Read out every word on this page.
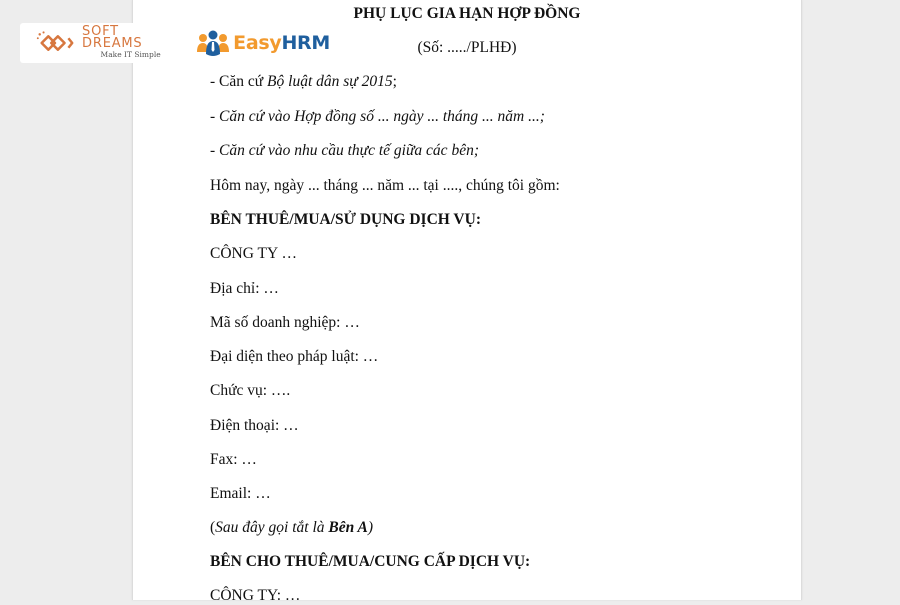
SOFT DREAMS
Make IT Simple
EasyHRM
PHỤ LỤC GIA HẠN HỢP ĐỒNG
(Số: ...../PLHĐ)
- Căn cứ Bộ luật dân sự 2015;
- Căn cứ vào Hợp đồng số ... ngày ... tháng ... năm ...;
- Căn cứ vào nhu cầu thực tế giữa các bên;
Hôm nay, ngày ... tháng ... năm ... tại ...., chúng tôi gồm:
BÊN THUÊ/MUA/SỬ DỤNG DỊCH VỤ:
CÔNG TY …
Địa chỉ: …
Mã số doanh nghiệp: …
Đại diện theo pháp luật: …
Chức vụ: ….
Điện thoại: …
Fax: …
Email: …
(Sau đây gọi tắt là Bên A)
BÊN CHO THUÊ/MUA/CUNG CẤP DỊCH VỤ:
CÔNG TY: …
